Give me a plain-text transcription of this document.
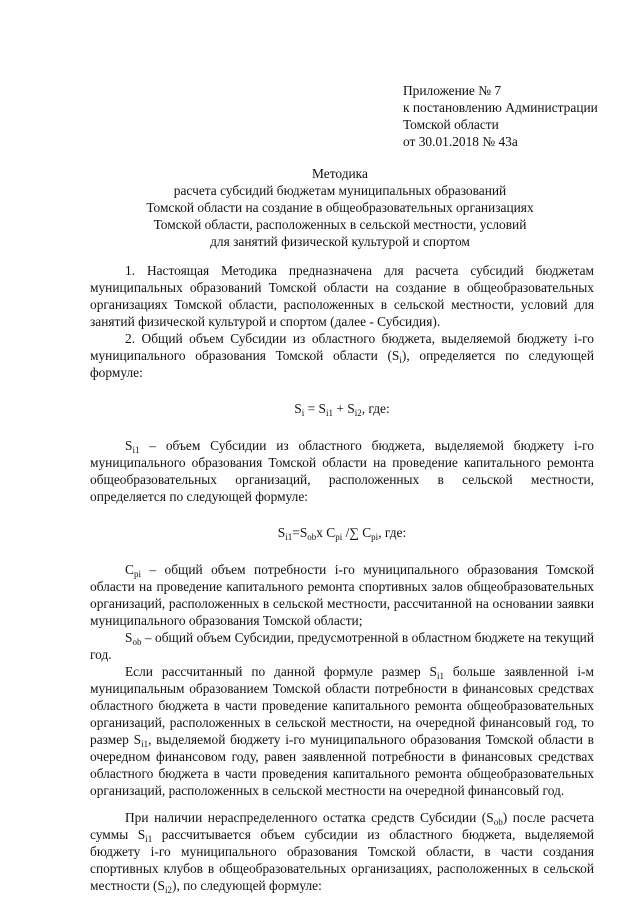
Приложение № 7
к постановлению Администрации
Томской области
от 30.01.2018 № 43а
Методика
расчета субсидий бюджетам муниципальных образований
Томской области на создание в общеобразовательных организациях
Томской области, расположенных в сельской местности, условий
для занятий физической культурой и спортом

1. Настоящая Методика предназначена для расчета субсидий бюджетам муниципальных образований Томской области на создание в общеобразовательных организациях Томской области, расположенных в сельской местности, условий для занятий физической культурой и спортом (далее - Субсидия).

2. Общий объем Субсидии из областного бюджета, выделяемой бюджету i-го муниципального образования Томской области $(S_i)$, определяется по следующей формуле:

$S_i = S_{i1} + S_{i2}$, где:

$S_{i1}$ – объем Субсидии из областного бюджета, выделяемой бюджету i-го муниципального образования Томской области на проведение капитального ремонта общеобразовательных организаций, расположенных в сельской местности, определяется по следующей формуле:

$S_{i1}=S_{ob}x$ $C_{pi}$ /∑ $C_{pi}$, где:

$C_{pi}$ – общий объем потребности i-го муниципального образования Томской области на проведение капитального ремонта спортивных залов общеобразовательных организаций, расположенных в сельской местности, рассчитанной на основании заявки муниципального образования Томской области;

$S_{ob}$ – общий объем Субсидии, предусмотренной в областном бюджете на текущий год.

Если рассчитанный по данной формуле размер $S_{i1}$ больше заявленной i-м муниципальным образованием Томской области потребности в финансовых средствах областного бюджета в части проведение капитального ремонта общеобразовательных организаций, расположенных в сельской местности, на очередной финансовый год, то размер $S_{i1}$, выделяемой бюджету i-го муниципального образования Томской области в очередном финансовом году, равен заявленной потребности в финансовых средствах областного бюджета в части проведения капитального ремонта общеобразовательных организаций, расположенных в сельской местности на очередной финансовый год.

При наличии нераспределенного остатка средств Субсидии $(S_{ob})$ после расчета суммы $S_{i1}$ рассчитывается объем субсидии из областного бюджета, выделяемой бюджету i-го муниципального образования Томской области, в части создания спортивных клубов в общеобразовательных организациях, расположенных в сельской местности $(S_{i2})$, по следующей формуле:
